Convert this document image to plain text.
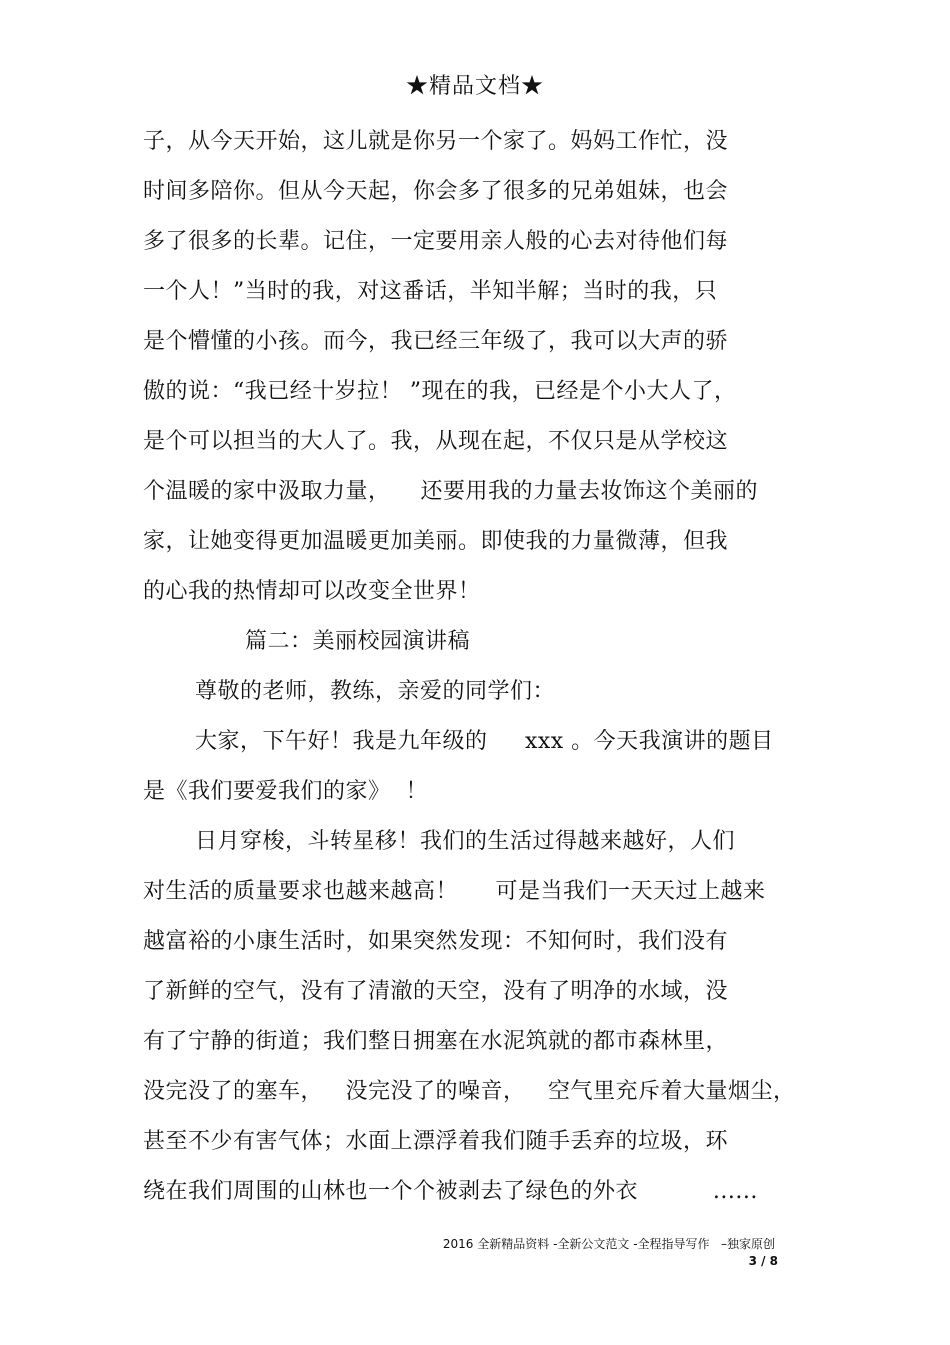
★精品文档★
子，从今天开始，这儿就是你另一个家了。妈妈工作忙，没
时间多陪你。但从今天起，你会多了很多的兄弟姐妹，也会
多了很多的长辈。记住，一定要用亲人般的心去对待他们每
一个人！”当时的我，对这番话，半知半解；当时的我，只
是个懵懂的小孩。而今，我已经三年级了，我可以大声的骄
傲的说：“我已经十岁拉！ ”现在的我，已经是个小大人了，
是个可以担当的大人了。我，从现在起，不仅只是从学校这
个温暖的家中汲取力量，    还要用我的力量去妆饰这个美丽的
家，让她变得更加温暖更加美丽。即使我的力量微薄，但我
的心我的热情却可以改变全世界！
篇二：美丽校园演讲稿
尊敬的老师，教练，亲爱的同学们：
大家，下午好！我是九年级的     xxx 。今天我演讲的题目
是《我们要爱我们的家》  ！
日月穿梭，斗转星移！我们的生活过得越来越好，人们
对生活的质量要求也越来越高！     可是当我们一天天过上越来
越富裕的小康生活时，如果突然发现：不知何时，我们没有
了新鲜的空气，没有了清澈的天空，没有了明净的水域，没
有了宁静的街道；我们整日拥塞在水泥筑就的都市森林里，
没完没了的塞车，   没完没了的噪音，   空气里充斥着大量烟尘，
甚至不少有害气体；水面上漂浮着我们随手丢弃的垃圾，环
绕在我们周围的山林也一个个被剥去了绿色的外衣          ......
2016 全新精品资料 -全新公文范文 -全程指导写作   –独家原创
3 / 8
